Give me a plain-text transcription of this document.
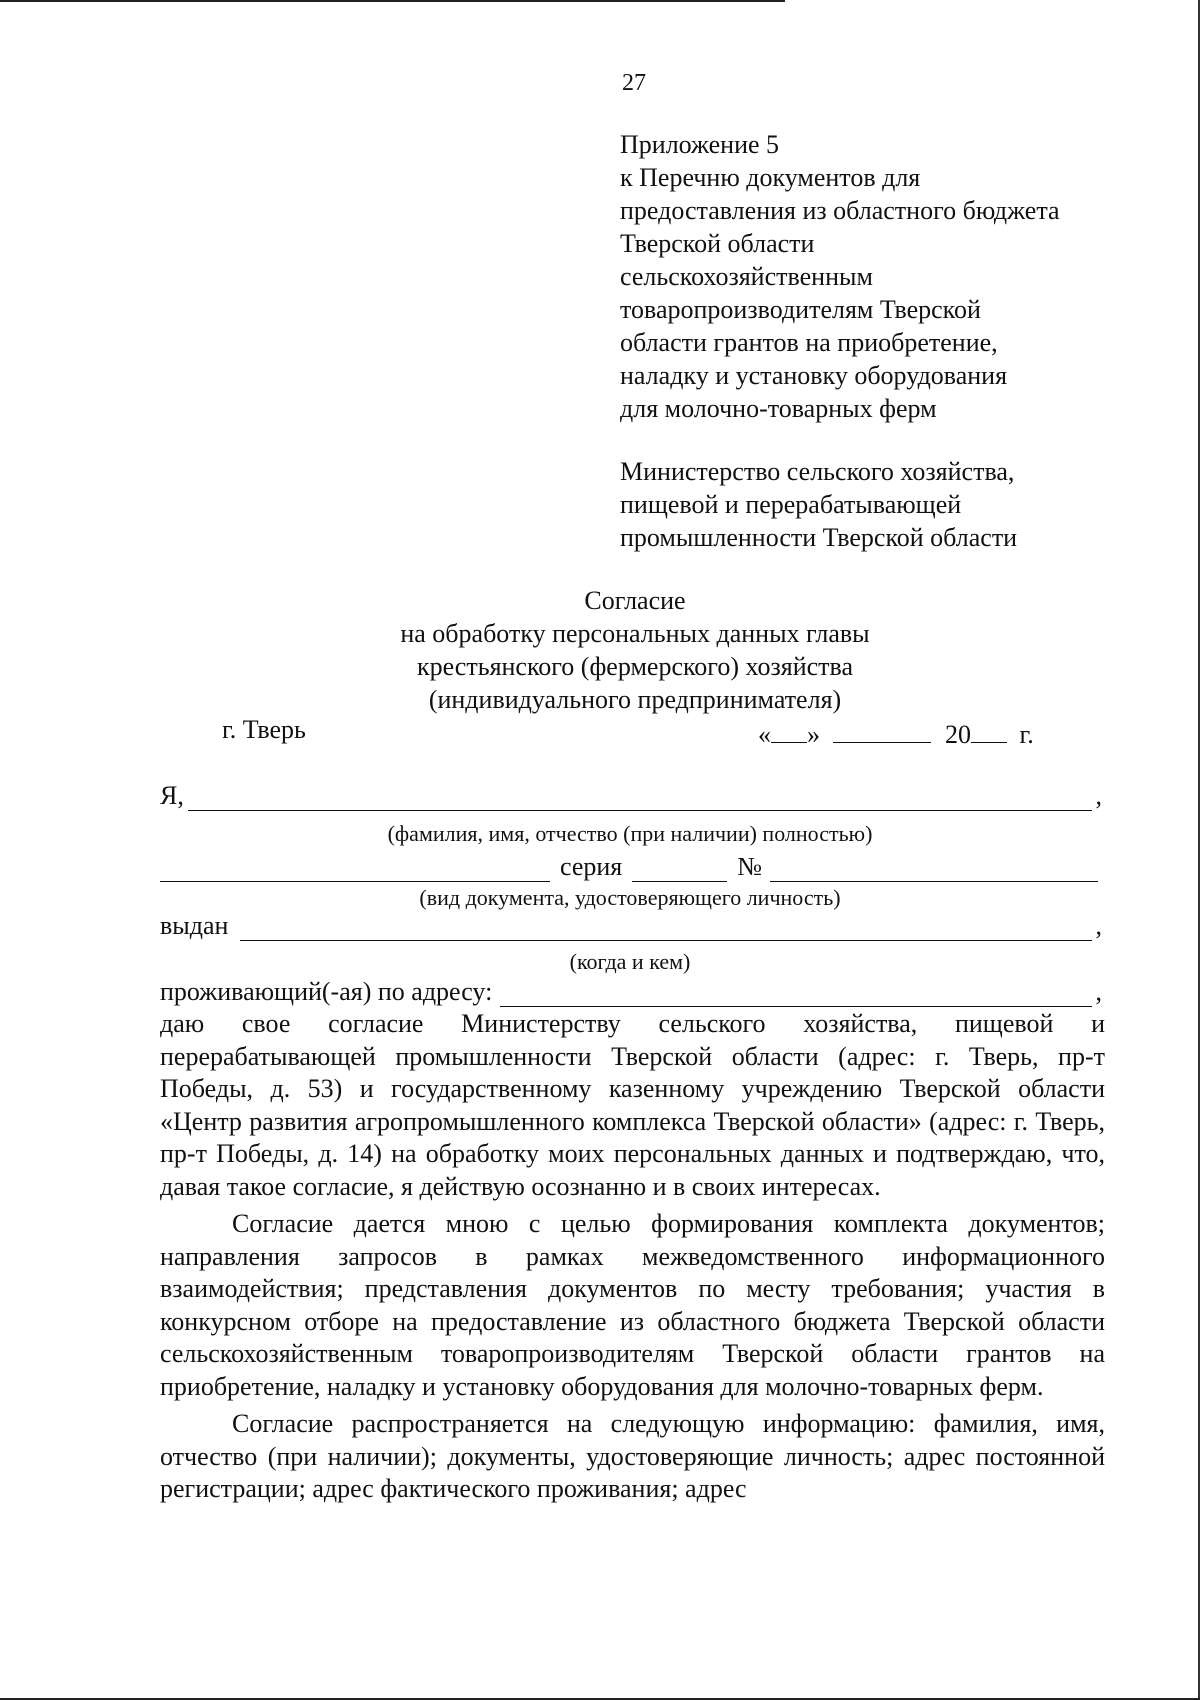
27
Приложение 5
к Перечню документов для
предоставления из областного бюджета
Тверской области
сельскохозяйственным
товаропроизводителям Тверской
области грантов на приобретение,
наладку и установку оборудования
для молочно-товарных ферм
Министерство сельского хозяйства,
пищевой и перерабатывающей
промышленности Тверской области
Согласие
на обработку персональных данных главы
крестьянского (фермерского) хозяйства
(индивидуального предпринимателя)
г. Тверь	« »	20 г.
Я,	,
(фамилия, имя, отчество (при наличии) полностью)
серия	№
(вид документа, удостоверяющего личность)
выдан	,
(когда и кем)
проживающий(-ая) по адресу:	,

даю свое согласие Министерству сельского хозяйства, пищевой и перерабатывающей промышленности Тверской области (адрес: г. Тверь, пр-т Победы, д. 53) и государственному казенному учреждению Тверской области «Центр развития агропромышленного комплекса Тверской области» (адрес: г. Тверь, пр-т Победы, д. 14) на обработку моих персональных данных и подтверждаю, что, давая такое согласие, я действую осознанно и в своих интересах.

Согласие дается мною с целью формирования комплекта документов; направления запросов в рамках межведомственного информационного взаимодействия; представления документов по месту требования; участия в конкурсном отборе на предоставление из областного бюджета Тверской области сельскохозяйственным товаропроизводителям Тверской области грантов на приобретение, наладку и установку оборудования для молочно-товарных ферм.

Согласие распространяется на следующую информацию: фамилия, имя, отчество (при наличии); документы, удостоверяющие личность; адрес постоянной регистрации; адрес фактического проживания; адрес
